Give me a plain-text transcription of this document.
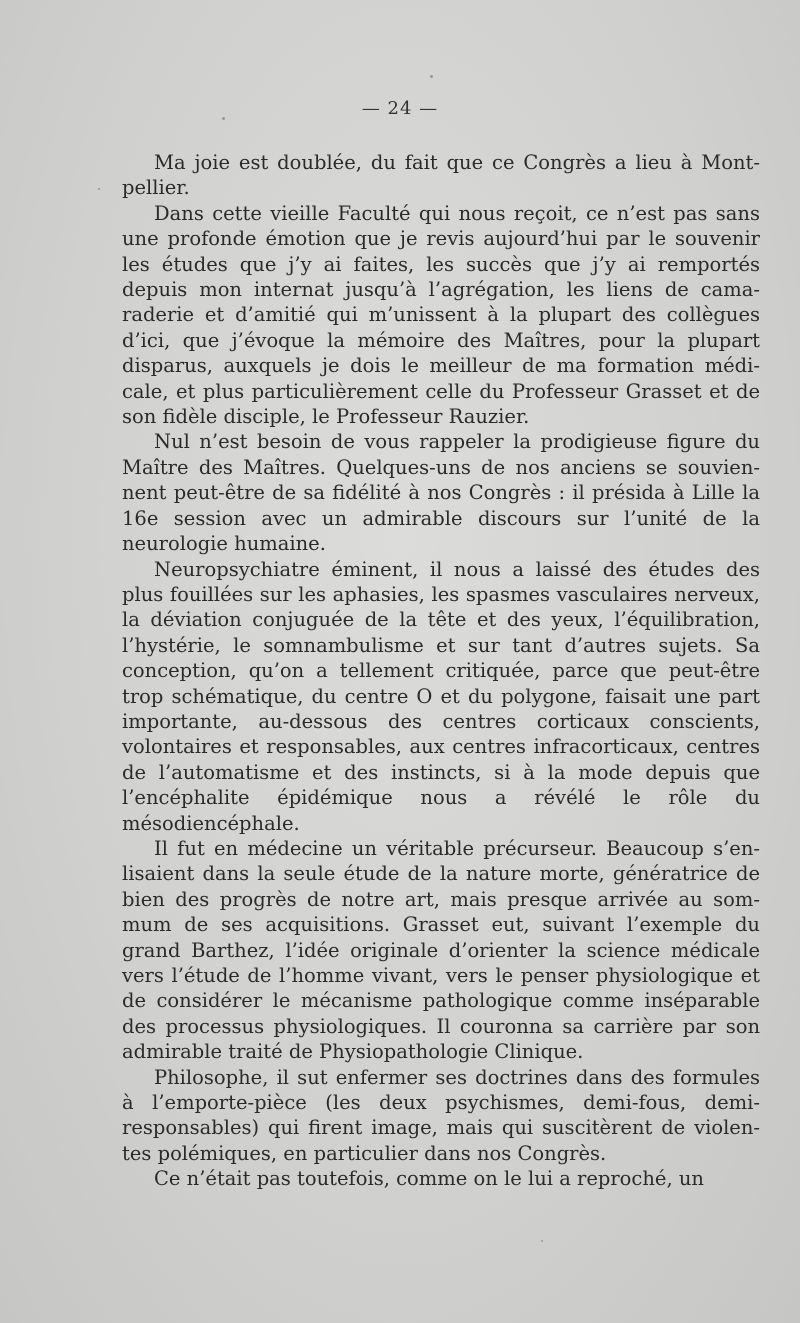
— 24 —

Ma joie est doublée, du fait que ce Congrès a lieu à Montpellier.

Dans cette vieille Faculté qui nous reçoit, ce n’est pas sans une profonde émotion que je revis aujourd’hui par le souvenir les études que j’y ai faites, les succès que j’y ai remportés depuis mon internat jusqu’à l’agrégation, les liens de camaraderie et d’amitié qui m’unissent à la plupart des collègues d’ici, que j’évoque la mémoire des Maîtres, pour la plupart disparus, auxquels je dois le meilleur de ma formation médicale, et plus particulièrement celle du Professeur Grasset et de son fidèle disciple, le Professeur Rauzier.

Nul n’est besoin de vous rappeler la prodigieuse figure du Maître des Maîtres. Quelques-uns de nos anciens se souviennent peut-être de sa fidélité à nos Congrès : il présida à Lille la 16e session avec un admirable discours sur l’unité de la neurologie humaine.

Neuropsychiatre éminent, il nous a laissé des études des plus fouillées sur les aphasies, les spasmes vasculaires nerveux, la déviation conjuguée de la tête et des yeux, l’équilibration, l’hystérie, le somnambulisme et sur tant d’autres sujets. Sa conception, qu’on a tellement critiquée, parce que peut-être trop schématique, du centre O et du polygone, faisait une part importante, au-dessous des centres corticaux conscients, volontaires et responsables, aux centres infracorticaux, centres de l’automatisme et des instincts, si à la mode depuis que l’encéphalite épidémique nous a révélé le rôle du mésodiencéphale.

Il fut en médecine un véritable précurseur. Beaucoup s’enlisaient dans la seule étude de la nature morte, génératrice de bien des progrès de notre art, mais presque arrivée au sommum de ses acquisitions. Grasset eut, suivant l’exemple du grand Barthez, l’idée originale d’orienter la science médicale vers l’étude de l’homme vivant, vers le penser physiologique et de considérer le mécanisme pathologique comme inséparable des processus physiologiques. Il couronna sa carrière par son admirable traité de Physiopathologie Clinique.

Philosophe, il sut enfermer ses doctrines dans des formules à l’emporte-pièce (les deux psychismes, demi-fous, demi-responsables) qui firent image, mais qui suscitèrent de violentes polémiques, en particulier dans nos Congrès.

Ce n’était pas toutefois, comme on le lui a reproché, un
